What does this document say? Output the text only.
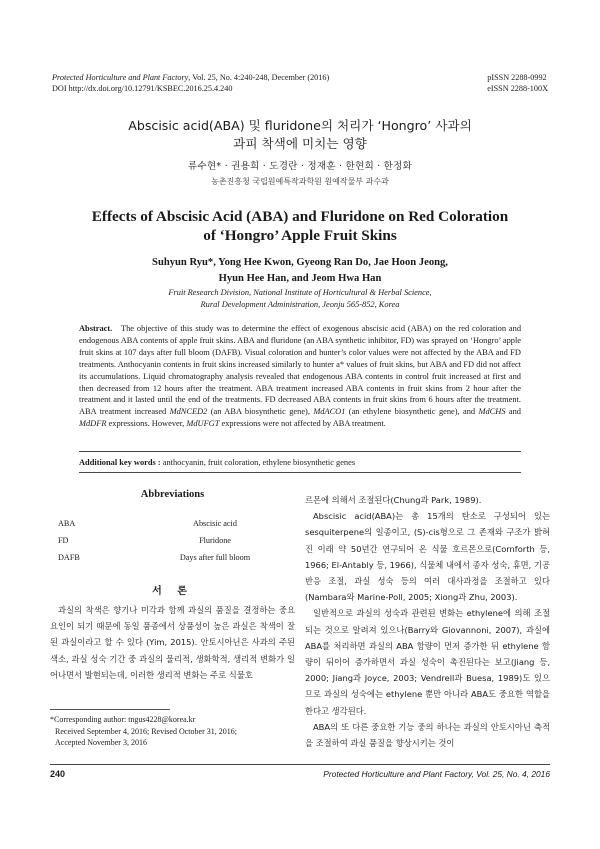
Protected Horticulture and Plant Factory, Vol. 25, No. 4:240-248, December (2016)
DOI http://dx.doi.org/10.12791/KSBEC.2016.25.4.240
pISSN 2288-0992
eISSN 2288-100X
Abscisic acid(ABA) 및 fluridone의 처리가 ‘Hongro’ 사과의
과피 착색에 미치는 영향
류수현* · 권용희 · 도경란 · 정재훈 · 한현희 · 한정화
농촌진흥청 국립원예특작과학원 원예작물부 과수과
Effects of Abscisic Acid (ABA) and Fluridone on Red Coloration
of ‘Hongro’ Apple Fruit Skins
Suhyun Ryu*, Yong Hee Kwon, Gyeong Ran Do, Jae Hoon Jeong,
Hyun Hee Han, and Jeom Hwa Han
Fruit Research Division, National Institute of Horticultural & Herbal Science,
Rural Development Administration, Jeonju 565-852, Korea
Abstract. The objective of this study was to determine the effect of exogenous abscisic acid (ABA) on the red coloration and endogenous ABA contents of apple fruit skins. ABA and fluridone (an ABA synthetic inhibitor, FD) was sprayed on ‘Hongro’ apple fruit skins at 107 days after full bloom (DAFB). Visual coloration and hunter’s color values were not affected by the ABA and FD treatments. Anthocyanin contents in fruit skins increased similarly to hunter a* values of fruit skins, but ABA and FD did not affect its accumulations. Liquid chromatography analysis revealed that endogenous ABA contents in control fruit increased at first and then decreased from 12 hours after the treatment. ABA treatment increased ABA contents in fruit skins from 2 hour after the treatment and it lasted until the end of the treatments. FD decreased ABA contents in fruit skins from 6 hours after the treatment. ABA treatment increased MdNCED2 (an ABA biosynthetic gene), MdACO1 (an ethylene biosynthetic gene), and MdCHS and MdDFR expressions. However, MdUFGT expressions were not affected by ABA treatment.
Additional key words : anthocyanin, fruit coloration, ethylene biosynthetic genes
Abbreviations
ABA	Abscisic acid
FD	Fluridone
DAFB	Days after full bloom
서 론

과실의 착색은 향기나 미각과 함께 과실의 품질을 결정하는 중요 요인이 되기 때문에 동일 품종에서 상품성이 높은 과실은 착색이 잘된 과실이라고 할 수 있다 (Yim, 2015). 안토시아닌은 사과의 주된 색소, 과실 성숙 기간 중 과실의 물리적, 생화학적, 생리적 변화가 일어나면서 발현되는데, 이러한 생리적 변화는 주로 식물호

르몬에 의해서 조절된다(Chung과 Park, 1989).

Abscisic acid(ABA)는 총 15개의 탄소로 구성되어 있는 sesquiterpene의 일종이고, (S)-cis형으로 그 존재와 구조가 밝혀진 이래 약 50년간 연구되어 온 식물 호르몬으로(Cornforth 등, 1966; El-Antably 등, 1966), 식물체 내에서 종자 성숙, 휴면, 기공 반응 조절, 과실 성숙 등의 여러 대사과정을 조절하고 있다(Nambara와 Marine-Poll, 2005; Xiong과 Zhu, 2003).

일반적으로 과실의 성숙과 관련된 변화는 ethylene에 의해 조절되는 것으로 알려져 있으나(Barry와 Giovannoni, 2007), 과실에 ABA를 처리하면 과실의 ABA 함량이 먼저 증가한 뒤 ethylene 함량이 뒤이어 증가하면서 과실 성숙이 촉진된다는 보고(Jiang 등, 2000; Jiang과 Joyce, 2003; Vendrell과 Buesa, 1989)도 있으므로 과실의 성숙에는 ethylene 뿐만 아니라 ABA도 중요한 역할을 한다고 생각된다.

ABA의 또 다른 중요한 기능 중의 하나는 과실의 안토시아닌 축적을 조절하여 과실 품질을 향상시키는 것이

*Corresponding author: tngus4228@korea.kr
Received September 4, 2016; Revised October 31, 2016;
Accepted November 3, 2016
240	Protected Horticulture and Plant Factory, Vol. 25, No. 4, 2016
